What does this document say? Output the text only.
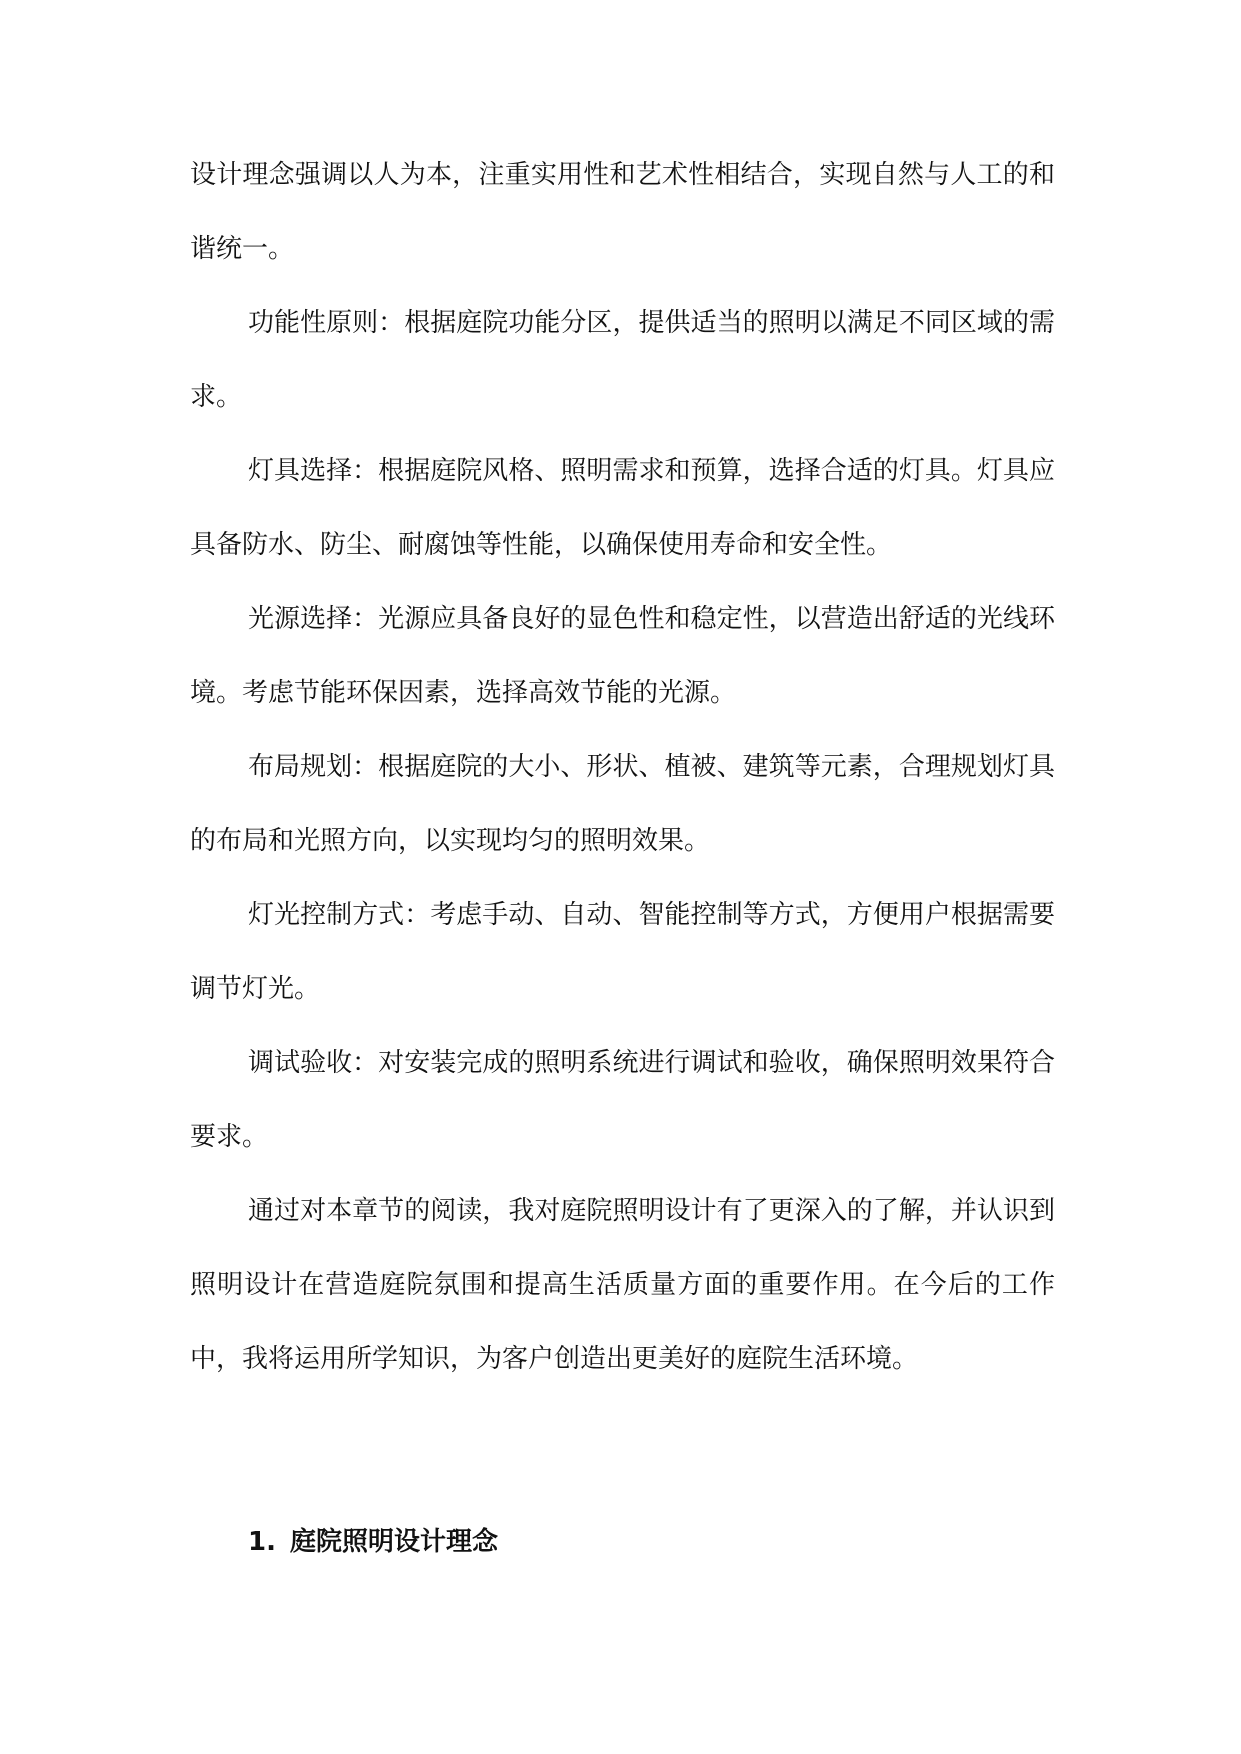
设计理念强调以人为本，注重实用性和艺术性相结合，实现自然与人工的和谐统一。

功能性原则：根据庭院功能分区，提供适当的照明以满足不同区域的需求。

灯具选择：根据庭院风格、照明需求和预算，选择合适的灯具。灯具应具备防水、防尘、耐腐蚀等性能，以确保使用寿命和安全性。

光源选择：光源应具备良好的显色性和稳定性，以营造出舒适的光线环境。考虑节能环保因素，选择高效节能的光源。

布局规划：根据庭院的大小、形状、植被、建筑等元素，合理规划灯具的布局和光照方向，以实现均匀的照明效果。

灯光控制方式：考虑手动、自动、智能控制等方式，方便用户根据需要调节灯光。

调试验收：对安装完成的照明系统进行调试和验收，确保照明效果符合要求。

通过对本章节的阅读，我对庭院照明设计有了更深入的了解，并认识到照明设计在营造庭院氛围和提高生活质量方面的重要作用。在今后的工作中，我将运用所学知识，为客户创造出更美好的庭院生活环境。

1. 庭院照明设计理念
